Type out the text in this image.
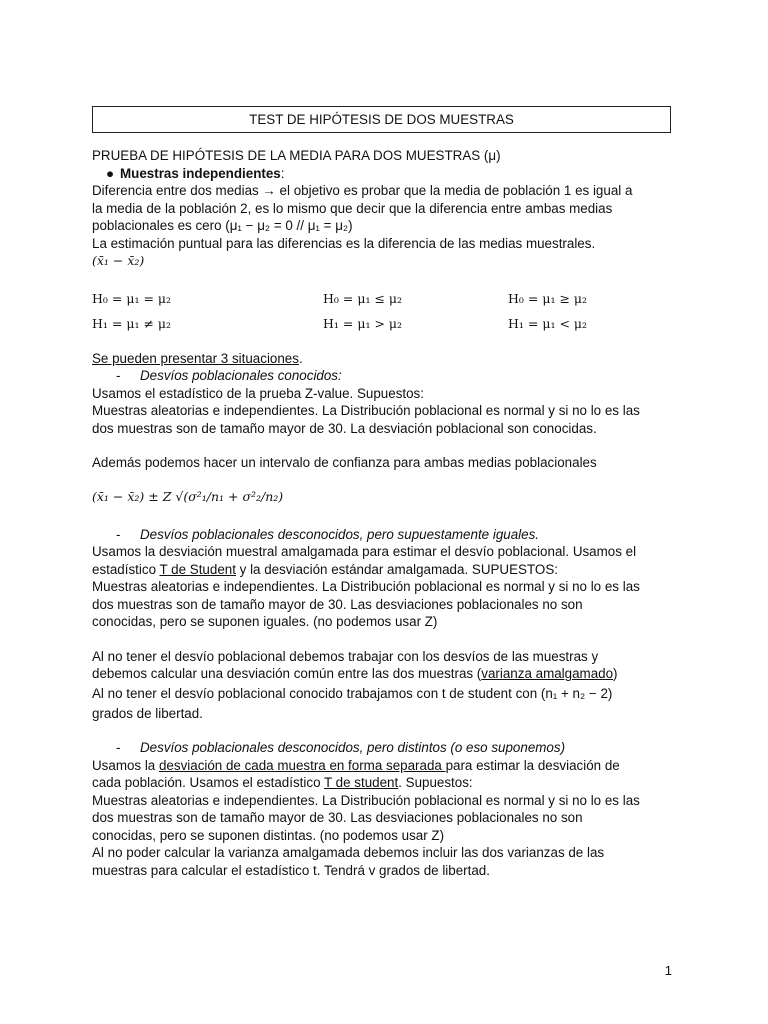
TEST DE HIPÓTESIS DE DOS MUESTRAS

PRUEBA DE HIPÓTESIS DE LA MEDIA PARA DOS MUESTRAS (μ)

● Muestras independientes:

Diferencia entre dos medias → el objetivo es probar que la media de población 1 es igual a

la media de la población 2, es lo mismo que decir que la diferencia entre ambas medias

poblacionales es cero (μ₁ − μ₂ = 0 // μ₁ = μ₂)

La estimación puntual para las diferencias es la diferencia de las medias muestrales.

(x̄₁ − x̄₂)

H₀ = μ₁ = μ₂
H₁ = μ₁ ≠ μ₂
H₀ = μ₁ ≤ μ₂
H₁ = μ₁ > μ₂
H₀ = μ₁ ≥ μ₂
H₁ = μ₁ < μ₂

Se pueden presentar 3 situaciones.

- Desvíos poblacionales conocidos:

Usamos el estadístico de la prueba Z-value. Supuestos:

Muestras aleatorias e independientes. La Distribución poblacional es normal y si no lo es las

dos muestras son de tamaño mayor de 30. La desviación poblacional son conocidas.

Además podemos hacer un intervalo de confianza para ambas medias poblacionales

(x̄₁ − x̄₂) ± Z √(σ²₁/n₁ + σ²₂/n₂)

- Desvíos poblacionales desconocidos, pero supuestamente iguales.

Usamos la desviación muestral amalgamada para estimar el desvío poblacional. Usamos el

estadístico T de Student y la desviación estándar amalgamada. SUPUESTOS:

Muestras aleatorias e independientes. La Distribución poblacional es normal y si no lo es las

dos muestras son de tamaño mayor de 30. Las desviaciones poblacionales no son

conocidas, pero se suponen iguales. (no podemos usar Z)

Al no tener el desvío poblacional debemos trabajar con los desvíos de las muestras y

debemos calcular una desviación común entre las dos muestras (varianza amalgamado)

Al no tener el desvío poblacional conocido trabajamos con t de student con (n₁ + n₂ − 2)

grados de libertad.

- Desvíos poblacionales desconocidos, pero distintos (o eso suponemos)

Usamos la desviación de cada muestra en forma separada para estimar la desviación de

cada población. Usamos el estadístico T de student. Supuestos:

Muestras aleatorias e independientes. La Distribución poblacional es normal y si no lo es las

dos muestras son de tamaño mayor de 30. Las desviaciones poblacionales no son

conocidas, pero se suponen distintas. (no podemos usar Z)

Al no poder calcular la varianza amalgamada debemos incluir las dos varianzas de las

muestras para calcular el estadístico t. Tendrá v grados de libertad.

1
